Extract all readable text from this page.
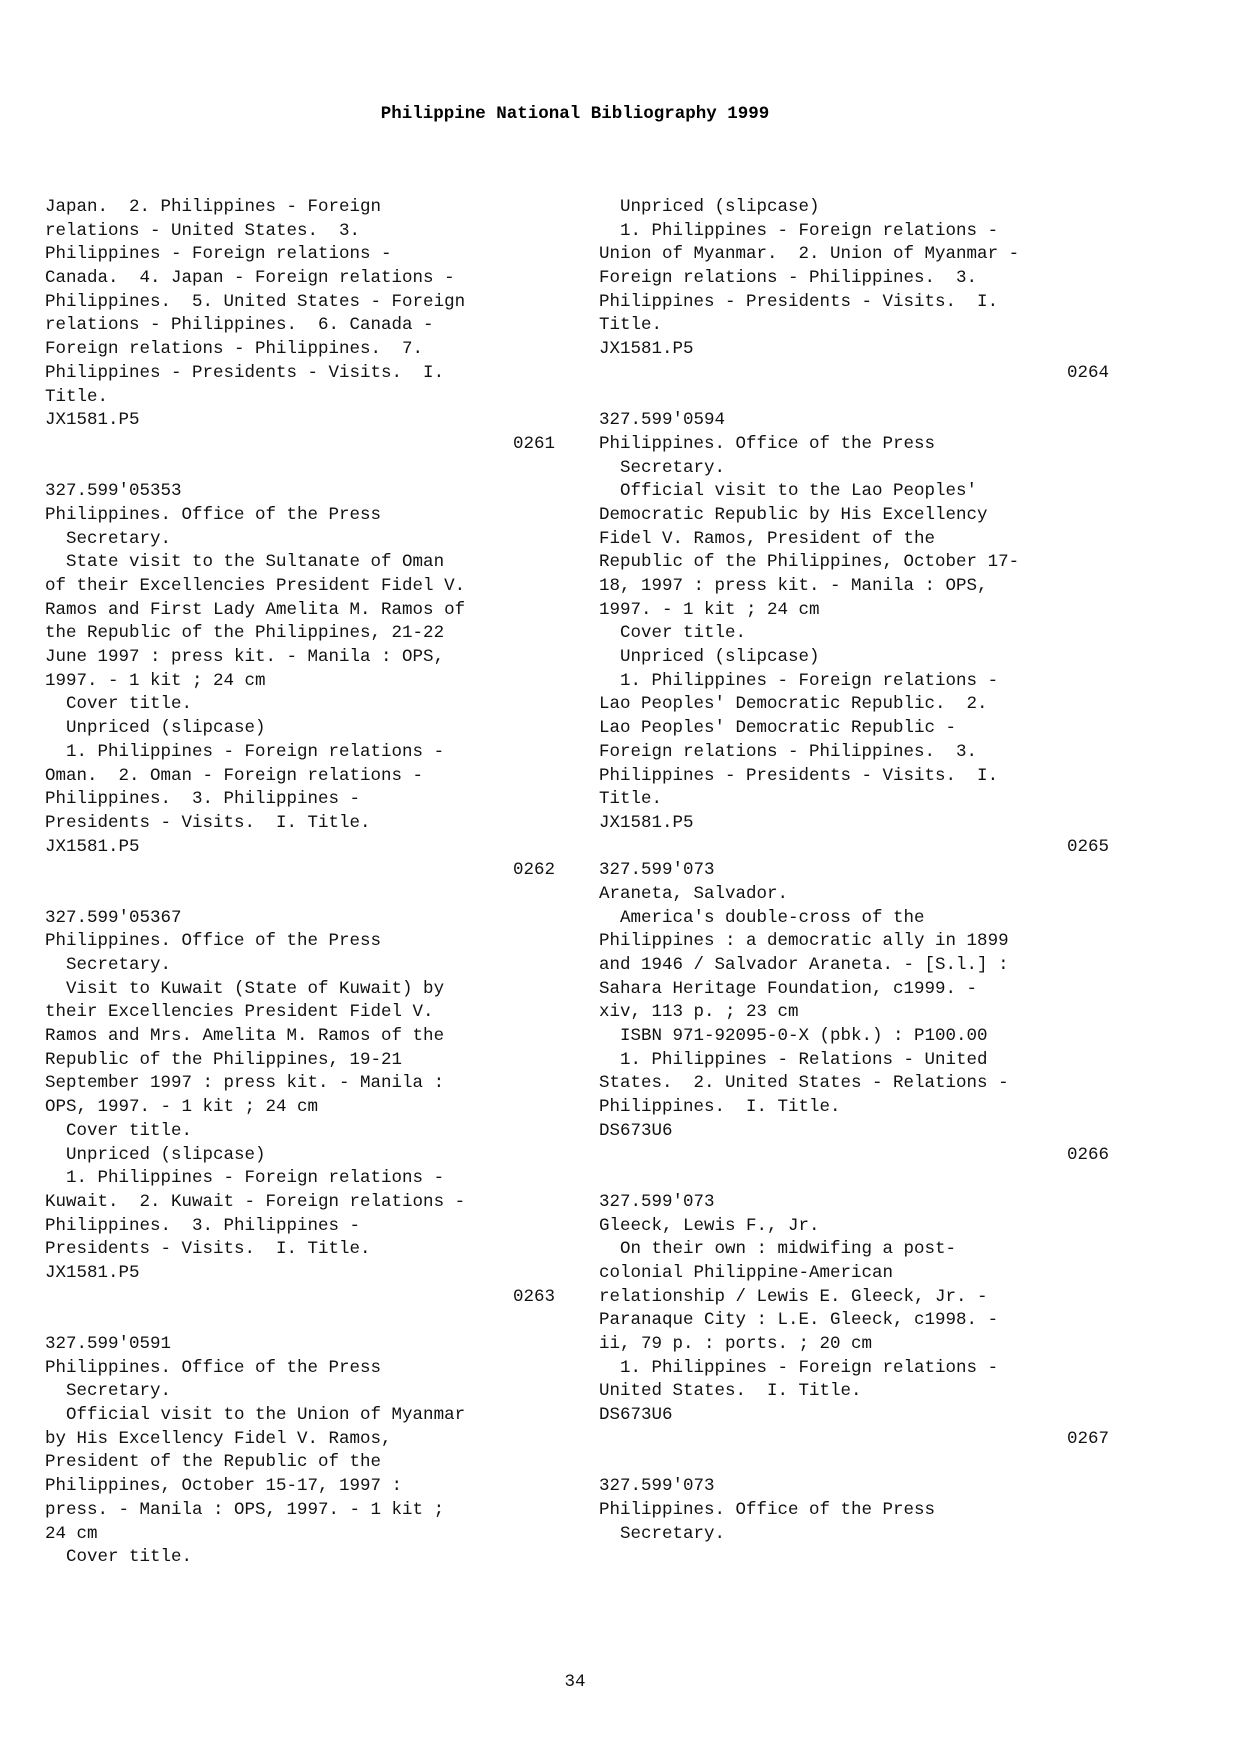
Philippine National Bibliography 1999
Japan.  2. Philippines - Foreign
relations - United States.  3.
Philippines - Foreign relations -
Canada.  4. Japan - Foreign relations -
Philippines.  5. United States - Foreign
relations - Philippines.  6. Canada -
Foreign relations - Philippines.  7.
Philippines - Presidents - Visits.  I.
Title.
JX1581.P5
0261
327.599'05353
Philippines. Office of the Press
Secretary.
State visit to the Sultanate of Oman
of their Excellencies President Fidel V.
Ramos and First Lady Amelita M. Ramos of
the Republic of the Philippines, 21-22
June 1997 : press kit. - Manila : OPS,
1997. - 1 kit ; 24 cm
Cover title.
Unpriced (slipcase)
1. Philippines - Foreign relations -
Oman.  2. Oman - Foreign relations -
Philippines.  3. Philippines -
Presidents - Visits.  I. Title.
JX1581.P5
0262
327.599'05367
Philippines. Office of the Press
Secretary.
Visit to Kuwait (State of Kuwait) by
their Excellencies President Fidel V.
Ramos and Mrs. Amelita M. Ramos of the
Republic of the Philippines, 19-21
September 1997 : press kit. - Manila :
OPS, 1997. - 1 kit ; 24 cm
Cover title.
Unpriced (slipcase)
1. Philippines - Foreign relations -
Kuwait.  2. Kuwait - Foreign relations -
Philippines.  3. Philippines -
Presidents - Visits.  I. Title.
JX1581.P5
0263
327.599'0591
Philippines. Office of the Press
Secretary.
Official visit to the Union of Myanmar
by His Excellency Fidel V. Ramos,
President of the Republic of the
Philippines, October 15-17, 1997 :
press. - Manila : OPS, 1997. - 1 kit ;
24 cm
Cover title.
Unpriced (slipcase)
1. Philippines - Foreign relations -
Union of Myanmar.  2. Union of Myanmar -
Foreign relations - Philippines.  3.
Philippines - Presidents - Visits.  I.
Title.
JX1581.P5
0264
327.599'0594
Philippines. Office of the Press
Secretary.
Official visit to the Lao Peoples'
Democratic Republic by His Excellency
Fidel V. Ramos, President of the
Republic of the Philippines, October 17-
18, 1997 : press kit. - Manila : OPS,
1997. - 1 kit ; 24 cm
Cover title.
Unpriced (slipcase)
1. Philippines - Foreign relations -
Lao Peoples' Democratic Republic.  2.
Lao Peoples' Democratic Republic -
Foreign relations - Philippines.  3.
Philippines - Presidents - Visits.  I.
Title.
JX1581.P5
0265
327.599'073
Araneta, Salvador.
America's double-cross of the
Philippines : a democratic ally in 1899
and 1946 / Salvador Araneta. - [S.l.] :
Sahara Heritage Foundation, c1999. -
xiv, 113 p. ; 23 cm
ISBN 971-92095-0-X (pbk.) : P100.00
1. Philippines - Relations - United
States.  2. United States - Relations -
Philippines.  I. Title.
DS673U6
0266
327.599'073
Gleeck, Lewis F., Jr.
On their own : midwifing a post-
colonial Philippine-American
relationship / Lewis E. Gleeck, Jr. -
Paranaque City : L.E. Gleeck, c1998. -
ii, 79 p. : ports. ; 20 cm
1. Philippines - Foreign relations -
United States.  I. Title.
DS673U6
0267
327.599'073
Philippines. Office of the Press
Secretary.
34
